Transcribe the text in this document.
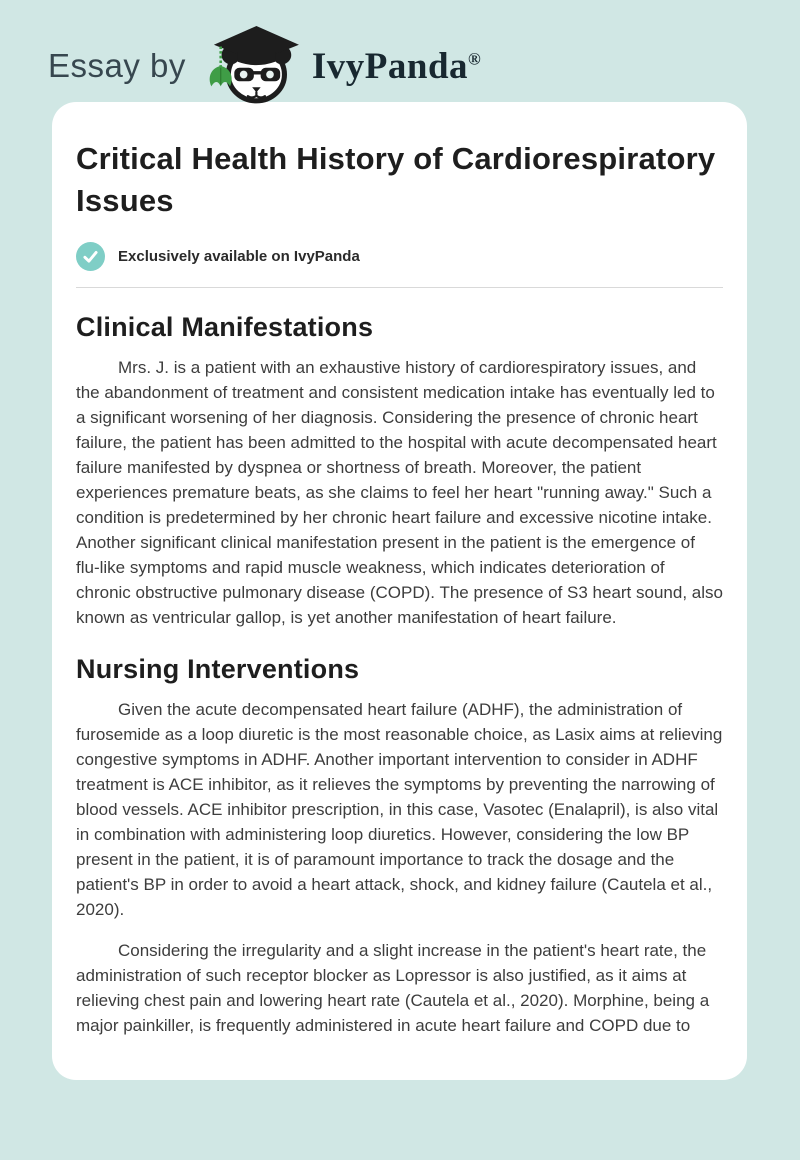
Essay by	IvyPanda®
Critical Health History of Cardiorespiratory Issues
Exclusively available on IvyPanda
Clinical Manifestations

Mrs. J. is a patient with an exhaustive history of cardiorespiratory issues, and the abandonment of treatment and consistent medication intake has eventually led to a significant worsening of her diagnosis. Considering the presence of chronic heart failure, the patient has been admitted to the hospital with acute decompensated heart failure manifested by dyspnea or shortness of breath. Moreover, the patient experiences premature beats, as she claims to feel her heart "running away." Such a condition is predetermined by her chronic heart failure and excessive nicotine intake. Another significant clinical manifestation present in the patient is the emergence of flu-like symptoms and rapid muscle weakness, which indicates deterioration of chronic obstructive pulmonary disease (COPD). The presence of S3 heart sound, also known as ventricular gallop, is yet another manifestation of heart failure.

Nursing Interventions

Given the acute decompensated heart failure (ADHF), the administration of furosemide as a loop diuretic is the most reasonable choice, as Lasix aims at relieving congestive symptoms in ADHF. Another important intervention to consider in ADHF treatment is ACE inhibitor, as it relieves the symptoms by preventing the narrowing of blood vessels. ACE inhibitor prescription, in this case, Vasotec (Enalapril), is also vital in combination with administering loop diuretics. However, considering the low BP present in the patient, it is of paramount importance to track the dosage and the patient's BP in order to avoid a heart attack, shock, and kidney failure (Cautela et al., 2020).

Considering the irregularity and a slight increase in the patient's heart rate, the administration of such receptor blocker as Lopressor is also justified, as it aims at relieving chest pain and lowering heart rate (Cautela et al., 2020). Morphine, being a major painkiller, is frequently administered in acute heart failure and COPD due to
